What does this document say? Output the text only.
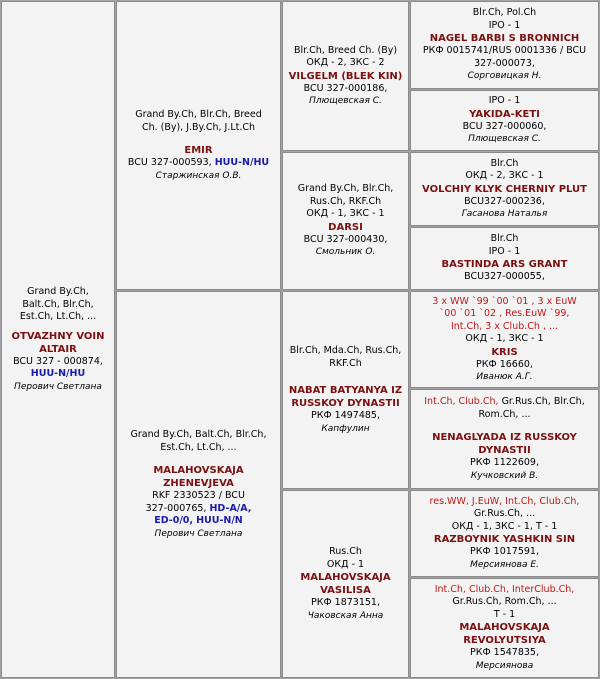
Grand By.Ch,
Balt.Ch, Blr.Ch,
Est.Ch, Lt.Ch, ...
OTVAZHNY VOIN
ALTAIR
BCU 327 - 000874,
HUU-N/HU
Перович Светлана
Grand By.Ch, Blr.Ch, Breed
Ch. (By), J.By.Ch, J.Lt.Ch
EMIR
BCU 327-000593, HUU-N/HU
Старжинская О.В.
Grand By.Ch, Balt.Ch, Blr.Ch,
Est.Ch, Lt.Ch, ...
MALAHOVSKAJA
ZHENEVJEVA
RKF 2330523 / BCU
327-000765, HD-A/A,
ED-0/0, HUU-N/N
Перович Светлана
Blr.Ch, Breed Ch. (By)
ОКД - 2, ЗКС - 2
VILGELM (BLEK KIN)
BCU 327-000186,
Плющевская С.
Grand By.Ch, Blr.Ch,
Rus.Ch, RKF.Ch
ОКД - 1, ЗКС - 1
DARSI
BCU 327-000430,
Смольник О.
Blr.Ch, Mda.Ch, Rus.Ch,
RKF.Ch
NABAT BATYANYA IZ
RUSSKOY DYNASTII
РКФ 1497485,
Капфулин
Rus.Ch
ОКД - 1
MALAHOVSKAJA
VASILISA
РКФ 1873151,
Чаковская Анна
Blr.Ch, Pol.Ch
IPO - 1
NAGEL BARBI S BRONNICH
РКФ 0015741/RUS 0001336 / BCU
327-000073,
Сорговицкая Н.
IPO - 1
YAKIDA-KETI
BCU 327-000060,
Плющевская С.
Blr.Ch
ОКД - 2, ЗКС - 1
VOLCHIY KLYK CHERNIY PLUT
BCU327-000236,
Гасанова Наталья
Blr.Ch
IPO - 1
BASTINDA ARS GRANT
BCU327-000055,
3 x WW `99 `00 `01 , 3 x EuW
`00 `01 `02 , Res.EuW `99,
Int.Ch, 3 x Club.Ch , ...
ОКД - 1, ЗКС - 1
KRIS
РКФ 16660,
Иванюк А.Г.
Int.Ch, Club.Ch, Gr.Rus.Ch, Blr.Ch,
Rom.Ch, ...
NENAGLYADA IZ RUSSKOY
DYNASTII
РКФ 1122609,
Кучковский В.
res.WW, J.EuW, Int.Ch, Club.Ch,
Gr.Rus.Ch, ...
ОКД - 1, ЗКС - 1, Т - 1
RAZBOYNIK YASHKIN SIN
РКФ 1017591,
Мерсиянова Е.
Int.Ch, Club.Ch, InterClub.Ch,
Gr.Rus.Ch, Rom.Ch, ...
Т - 1
MALAHOVSKAJA
REVOLYUTSIYA
РКФ 1547835,
Мерсиянова
